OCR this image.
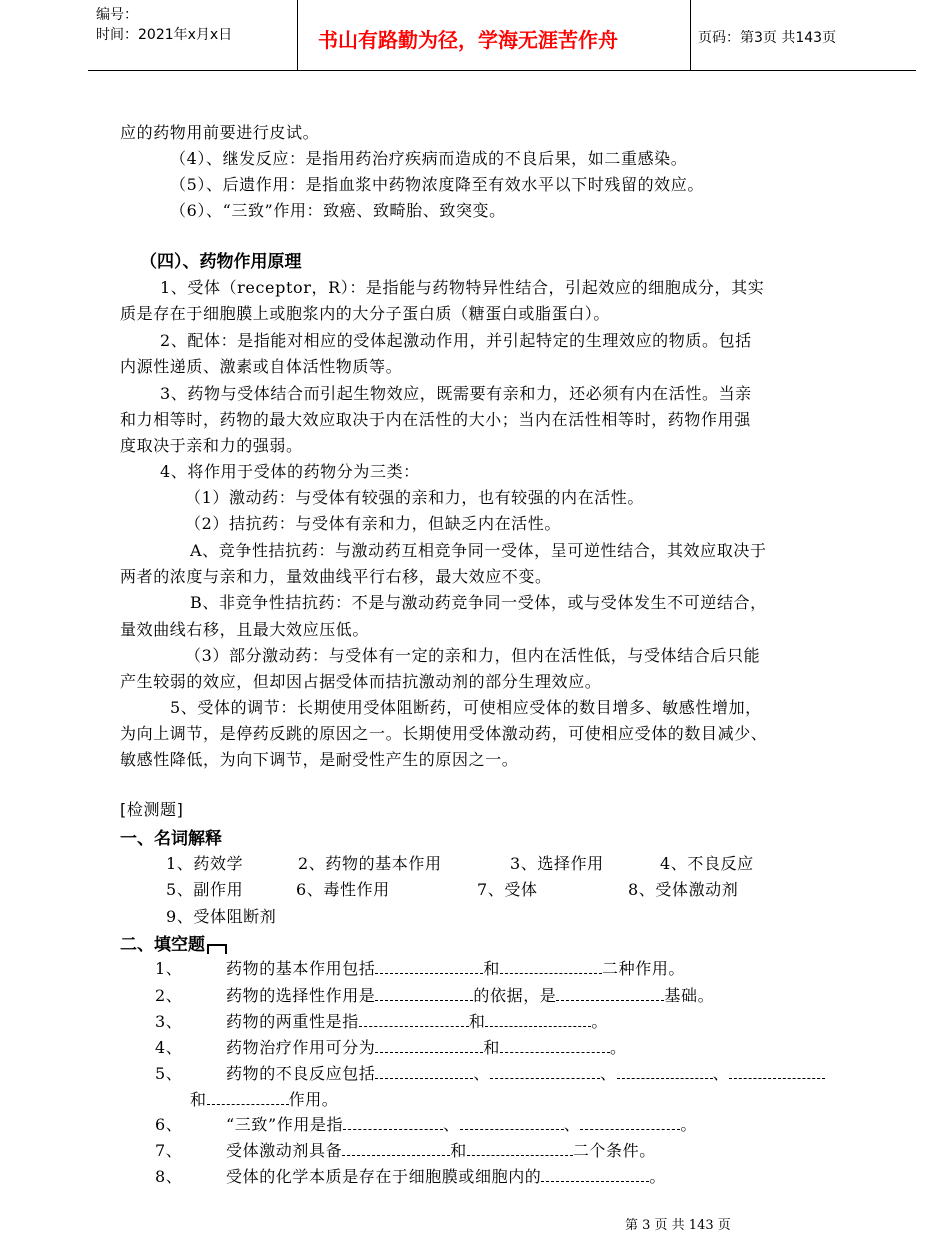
编号：
时间：2021年x月x日	书山有路勤为径，学海无涯苦作舟	页码：第3页 共143页
应的药物用前要进行皮试。
（4）、继发反应：是指用药治疗疾病而造成的不良后果，如二重感染。
（5）、后遗作用：是指血浆中药物浓度降至有效水平以下时残留的效应。
（6）、“三致”作用：致癌、致畸胎、致突变。
（四）、药物作用原理
1、受体（receptor，R）：是指能与药物特异性结合，引起效应的细胞成分，其实
质是存在于细胞膜上或胞浆内的大分子蛋白质（糖蛋白或脂蛋白）。
2、配体：是指能对相应的受体起激动作用，并引起特定的生理效应的物质。包括
内源性递质、激素或自体活性物质等。
3、药物与受体结合而引起生物效应，既需要有亲和力，还必须有内在活性。当亲
和力相等时，药物的最大效应取决于内在活性的大小；当内在活性相等时，药物作用强
度取决于亲和力的强弱。
4、将作用于受体的药物分为三类：
（1）激动药：与受体有较强的亲和力，也有较强的内在活性。
（2）拮抗药：与受体有亲和力，但缺乏内在活性。
A、竞争性拮抗药：与激动药互相竞争同一受体，呈可逆性结合，其效应取决于
两者的浓度与亲和力，量效曲线平行右移，最大效应不变。
B、非竞争性拮抗药：不是与激动药竞争同一受体，或与受体发生不可逆结合，
量效曲线右移，且最大效应压低。
（3）部分激动药：与受体有一定的亲和力，但内在活性低，与受体结合后只能
产生较弱的效应，但却因占据受体而拮抗激动剂的部分生理效应。
5、受体的调节：长期使用受体阻断药，可使相应受体的数目增多、敏感性增加，
为向上调节，是停药反跳的原因之一。长期使用受体激动药，可使相应受体的数目减少、
敏感性降低，为向下调节，是耐受性产生的原因之一。
[检测题]
一、名词解释
1、药效学	2、药物的基本作用	3、选择作用	4、不良反应
5、副作用	6、毒性作用	7、受体	8、受体激动剂
9、受体阻断剂
二、填空题
1、	药物的基本作用包括	和	二种作用。
2、	药物的选择性作用是	的依据，是	基础。
3、	药物的两重性是指	和	。
4、	药物治疗作用可分为	和	。
5、	药物的不良反应包括	、	、	、
和	作用。
6、	“三致”作用是指	、	、	。
7、	受体激动剂具备	和	二个条件。
8、	受体的化学本质是存在于细胞膜或细胞内的	。
第 3 页 共 143 页
